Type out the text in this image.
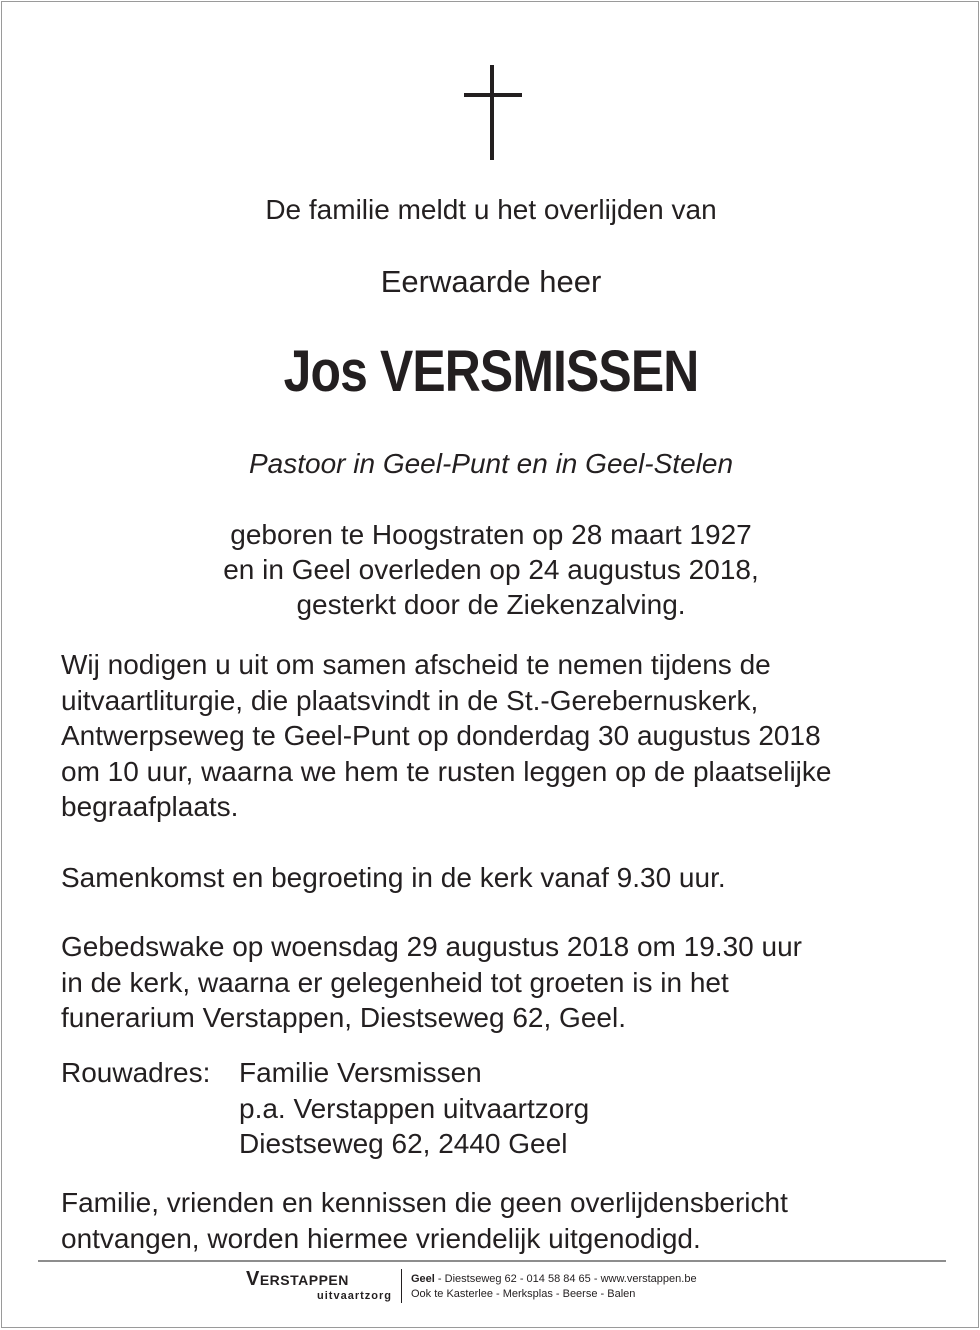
De familie meldt u het overlijden van
Eerwaarde heer
Jos VERSMISSEN
Pastoor in Geel-Punt en in Geel-Stelen
geboren te Hoogstraten op 28 maart 1927
en in Geel overleden op 24 augustus 2018,
gesterkt door de Ziekenzalving.
Wij nodigen u uit om samen afscheid te nemen tijdens de
uitvaartliturgie, die plaatsvindt in de St.-Gerebernuskerk,
Antwerpseweg te Geel-Punt op donderdag 30 augustus 2018
om 10 uur, waarna we hem te rusten leggen op de plaatselijke
begraafplaats.
Samenkomst en begroeting in de kerk vanaf 9.30 uur.
Gebedswake op woensdag 29 augustus 2018 om 19.30 uur
in de kerk, waarna er gelegenheid tot groeten is in het
funerarium Verstappen, Diestseweg 62, Geel.
Rouwadres:	Familie Versmissen
p.a. Verstappen uitvaartzorg
Diestseweg 62, 2440 Geel
Familie, vrienden en kennissen die geen overlijdensbericht
ontvangen, worden hiermee vriendelijk uitgenodigd.
Verstappen
uitvaartzorg
Geel - Diestseweg 62 - 014 58 84 65 - www.verstappen.be
Ook te Kasterlee - Merksplas - Beerse - Balen
